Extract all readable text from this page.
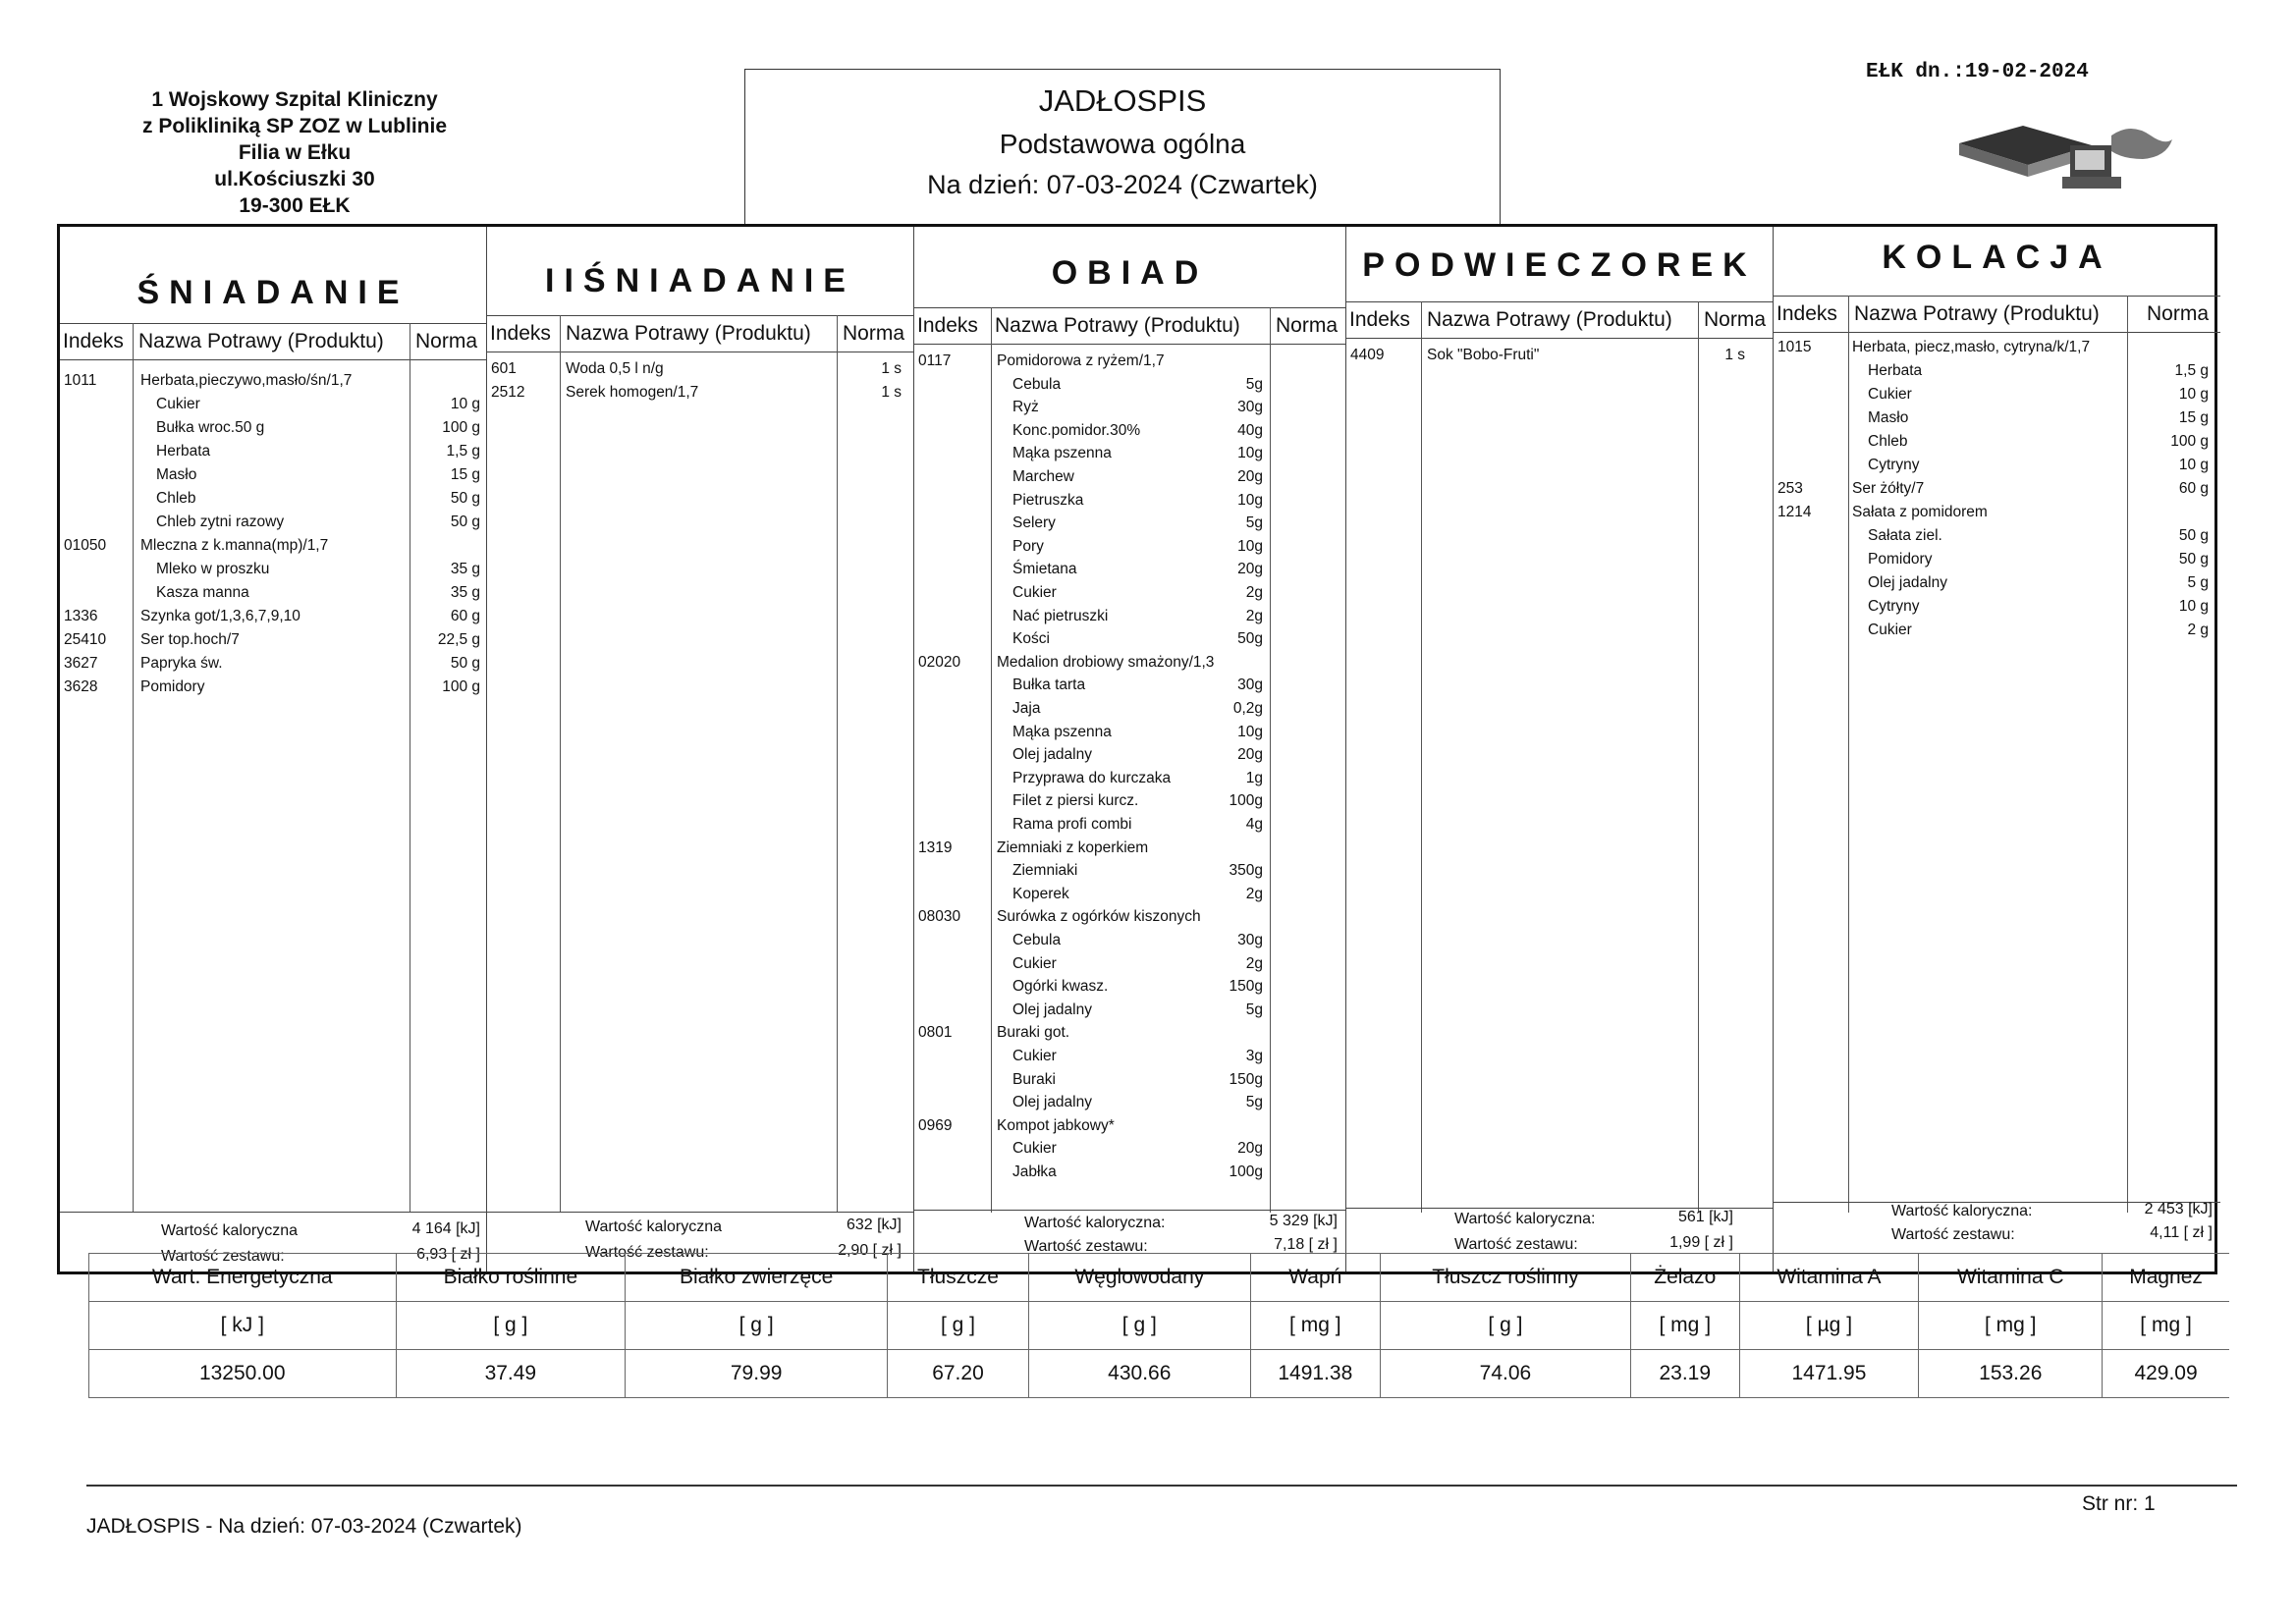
1 Wojskowy Szpital Kliniczny
z Polikliniką SP ZOZ w Lublinie
Filia w Ełku
ul.Kościuszki 30
19-300 EŁK
JADŁOSPIS
Podstawowa ogólna
Na dzień: 07-03-2024 (Czwartek)
EŁK dn.:19-02-2024
ŚNIADANIE
Indeks Nazwa Potrawy (Produktu) Norma
1011	Herbata,pieczywo,masło/śn/1,7
Cukier	10 g
Bułka wroc.50 g	100 g
Herbata	1,5 g
Masło	15 g
Chleb	50 g
Chleb zytni razowy	50 g
01050 Mleczna z k.manna(mp)/1,7
Mleko w proszku	35 g
Kasza manna	35 g
1336	Szynka got/1,3,6,7,9,10	60 g
25410 Ser top.hoch/7	22,5 g
3627	Papryka św.	50 g
3628	Pomidory	100 g
Wartość kaloryczna	4 164 [kJ]
Wartość zestawu:	6,93 [ zł ]
IIŚNIADANIE
Indeks Nazwa Potrawy (Produktu) Norma
601	Woda 0,5 l n/g	1 s
2512	Serek homogen/1,7	1 s
Wartość kaloryczna	632 [kJ]
Wartość zestawu:	2,90 [ zł ]
OBIAD
Indeks Nazwa Potrawy (Produktu) Norma
0117	Pomidorowa z ryżem/1,7
Cebula	5g
Ryż	30g
Konc.pomidor.30%	40g
Mąka pszenna	10g
Marchew	20g
Pietruszka	10g
Selery	5g
Pory	10g
Śmietana	20g
Cukier	2g
Nać pietruszki	2g
Kości	50g
02020 Medalion drobiowy smażony/1,3
Bułka tarta	30g
Jaja	0,2g
Mąka pszenna	10g
Olej jadalny	20g
Przyprawa do kurczaka	1g
Filet z piersi kurcz.	100g
Rama profi combi	4g
1319	Ziemniaki z koperkiem
Ziemniaki	350g
Koperek	2g
08030 Surówka z ogórków kiszonych
Cebula	30g
Cukier	2g
Ogórki kwasz.	150g
Olej jadalny	5g
0801	Buraki got.
Cukier	3g
Buraki	150g
Olej jadalny	5g
0969	Kompot jabkowy*
Cukier	20g
Jabłka	100g
Wartość kaloryczna:	5 329 [kJ]
Wartość zestawu:	7,18 [ zł ]
PODWIECZOREK
Indeks Nazwa Potrawy (Produktu) Norma
4409	Sok "Bobo-Fruti"	1 s
Wartość kaloryczna:	561 [kJ]
Wartość zestawu:	1,99 [ zł ]
KOLACJA
Indeks Nazwa Potrawy (Produktu) Norma
1015	Herbata, piecz,masło, cytryna/k/1,7
Herbata	1,5 g
Cukier	10 g
Masło	15 g
Chleb	100 g
Cytryny	10 g
253	Ser żółty/7	60 g
1214	Sałata z pomidorem
Sałata ziel.	50 g
Pomidory	50 g
Olej jadalny	5 g
Cytryny	10 g
Cukier	2 g
Wartość kaloryczna:	2 453 [kJ]
Wartość zestawu:	4,11 [ zł ]
Wart. Energetyczna	Białko roślinne	Białko zwierzęce	Tłuszcze	Węglowodany	Wapń	Tłuszcz roślinny	Żelazo	Witamina A	Witamina C	Magnez
[ kJ ]	[ g ]	[ g ]	[ g ]	[ g ]	[ mg ]	[ g ]	[ mg ]	[ µg ]	[ mg ]	[ mg ]
13250.00	37.49	79.99	67.20	430.66	1491.38	74.06	23.19	1471.95	153.26	429.09
JADŁOSPIS - Na dzień: 07-03-2024 (Czwartek)
Str nr: 1
